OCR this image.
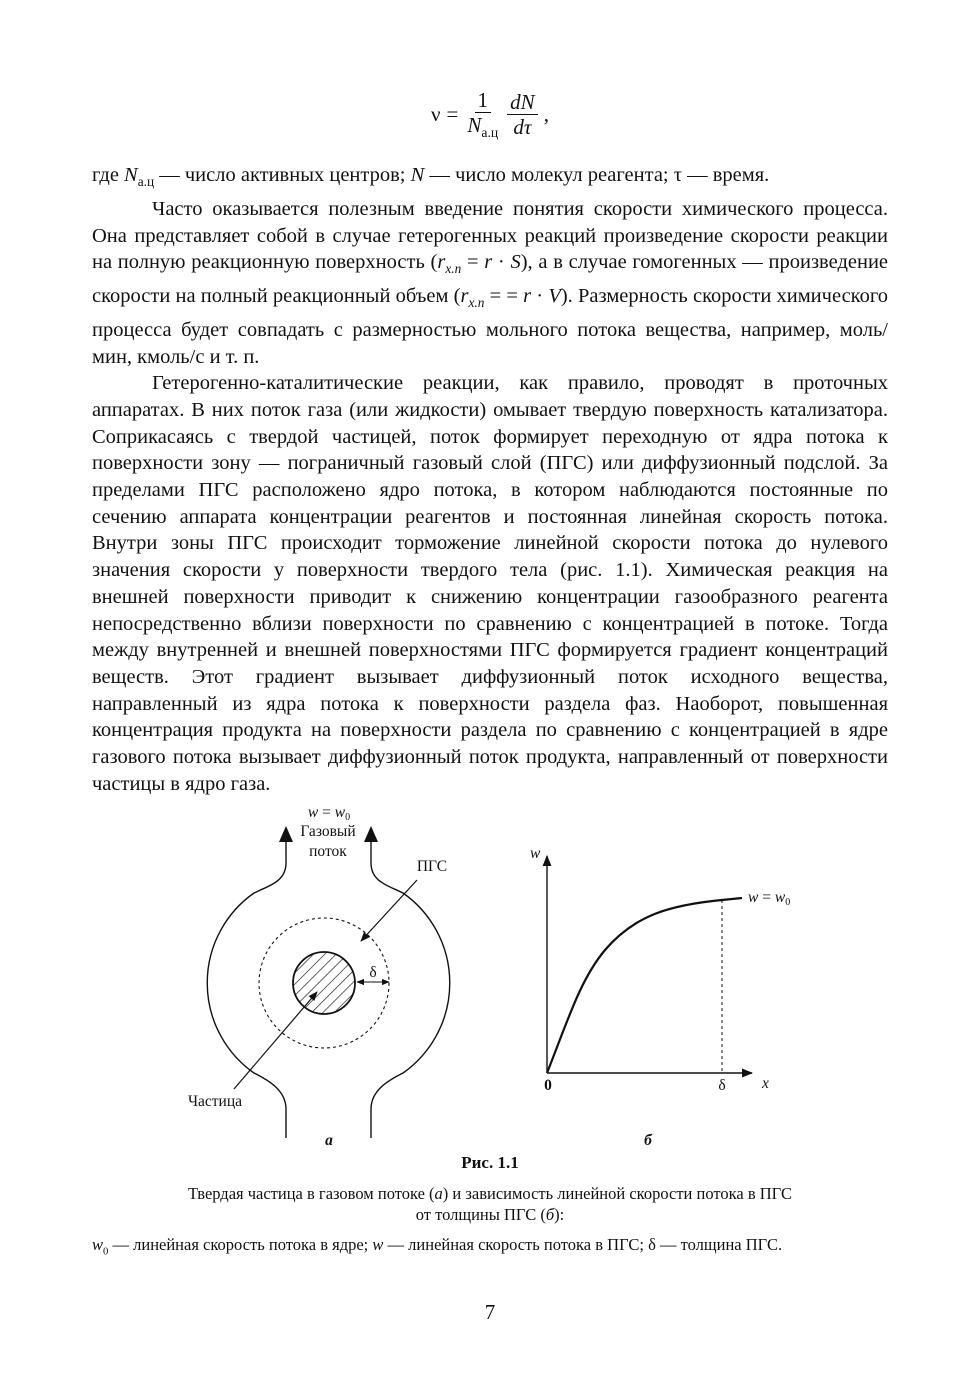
$\nu = \frac{1}{N_{а.ц}} \frac{dN}{d\tau}$ ,

где $N_{а.ц}$ — число активных центров; N — число молекул реагента; τ — время.

Часто оказывается полезным введение понятия скорости химического процесса. Она представляет собой в случае гетерогенных реакций произведение скорости реакции на полную реакционную поверхность $(r_{х.п} = r \cdot S)$, а в случае гомогенных — произведение скорости на полный реакционный объем ($r_{х.п}$ = = r · V). Размерность скорости химического процесса будет совпадать с размерностью мольного потока вещества, например, моль/мин, кмоль/с и т. п.

Гетерогенно-каталитические реакции, как правило, проводят в проточных аппаратах. В них поток газа (или жидкости) омывает твердую поверхность катализатора. Соприкасаясь с твердой частицей, поток формирует переходную от ядра потока к поверхности зону — пограничный газовый слой (ПГС) или диффузионный подслой. За пределами ПГС расположено ядро потока, в котором наблюдаются постоянные по сечению аппарата концентрации реагентов и постоянная линейная скорость потока. Внутри зоны ПГС происходит торможение линейной скорости потока до нулевого значения скорости у поверхности твердого тела (рис. 1.1). Химическая реакция на внешней поверхности приводит к снижению концентрации газообразного реагента непосредственно вблизи поверхности по сравнению с концентрацией в потоке. Тогда между внутренней и внешней поверхностями ПГС формируется градиент концентраций веществ. Этот градиент вызывает диффузионный поток исходного вещества, направленный из ядра потока к поверхности раздела фаз. Наоборот, повышенная концентрация продукта на поверхности раздела по сравнению с концентрацией в ядре газового потока вызывает диффузионный поток продукта, направленный от поверхности частицы в ядро газа.

w = w0
Газовый
поток
ПГС
δ
Частица
а
w
x
0	δ
w = w0
б
Рис. 1.1
Твердая частица в газовом потоке (а) и зависимость линейной скорости потока в ПГС
от толщины ПГС (б):
$w_0$ — линейная скорость потока в ядре; w — линейная скорость потока в ПГС; δ — толщина ПГС.
7
